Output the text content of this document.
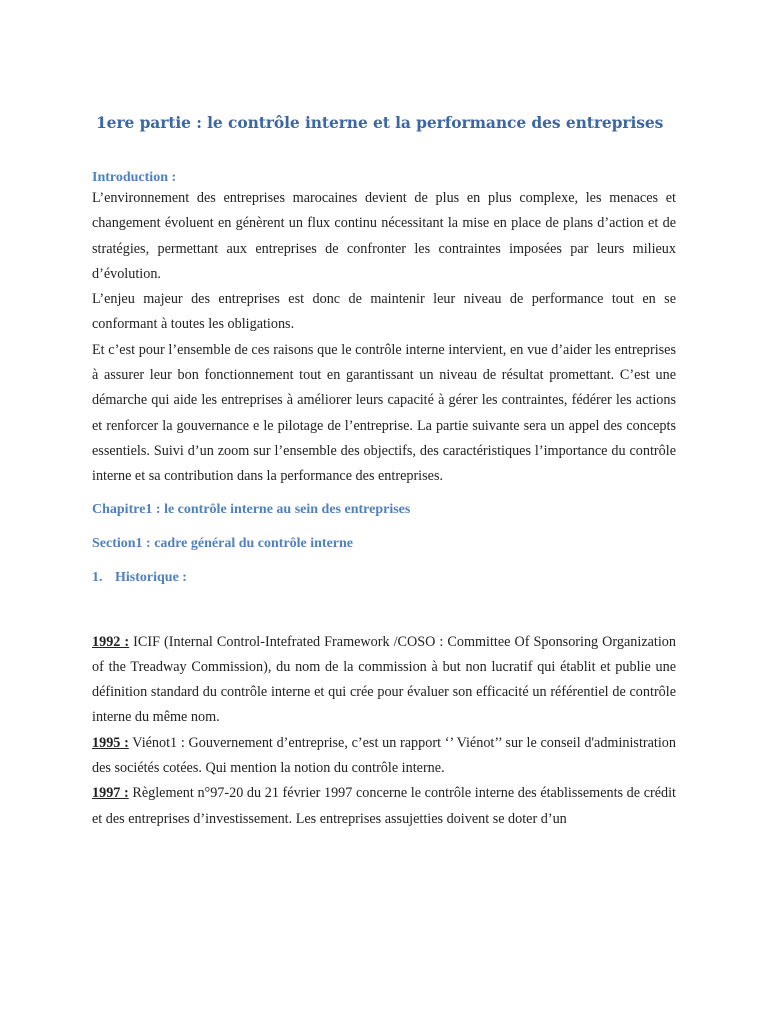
1ere partie : le contrôle interne et la performance des entreprises
Introduction :

L’environnement des entreprises marocaines devient de plus en plus complexe, les menaces et changement évoluent en génèrent un flux continu nécessitant la mise en place de plans d’action et de stratégies, permettant aux entreprises de confronter les contraintes imposées par leurs milieux d’évolution.

L’enjeu majeur des entreprises est donc de maintenir leur niveau de performance tout en se conformant à toutes les obligations.

Et c’est pour l’ensemble de ces raisons que le contrôle interne intervient, en vue d’aider les entreprises à assurer leur bon fonctionnement tout en garantissant un niveau de résultat promettant. C’est une démarche qui aide les entreprises à améliorer leurs capacité à gérer les contraintes, fédérer les actions et renforcer la gouvernance e le pilotage de l’entreprise. La partie suivante sera un appel des concepts essentiels. Suivi d’un zoom sur l’ensemble des objectifs, des caractéristiques l’importance du contrôle interne et sa contribution dans la performance des entreprises.

Chapitre1 : le contrôle interne au sein des entreprises
Section1 : cadre général du contrôle interne
1. Historique :

1992 : ICIF (Internal Control-Intefrated Framework /COSO : Committee Of Sponsoring Organization of the Treadway Commission), du nom de la commission à but non lucratif qui établit et publie une définition standard du contrôle interne et qui crée pour évaluer son efficacité un référentiel de contrôle interne du même nom.

1995 : Viénot1 : Gouvernement d’entreprise, c’est un rapport ‘’ Viénot’’ sur le conseil d'administration des sociétés cotées. Qui mention la notion du contrôle interne.

1997 : Règlement n°97-20 du 21 février 1997 concerne le contrôle interne des établissements de crédit et des entreprises d’investissement. Les entreprises assujetties doivent se doter d’un
